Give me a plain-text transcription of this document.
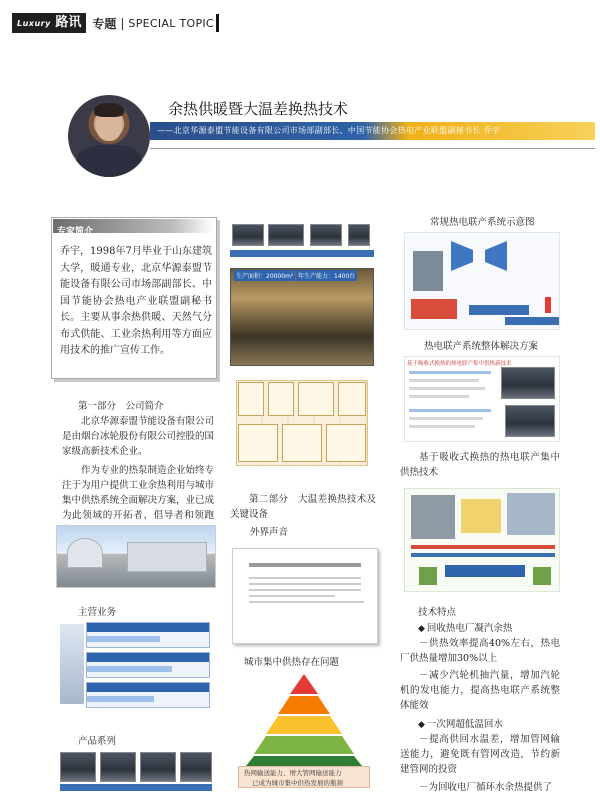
Luxury 路讯 专题 | SPECIAL TOPIC
余热供暖暨大温差换热技术
——北京华源泰盟节能设备有限公司市场部副部长、中国节能协会热电产业联盟副秘书长 乔宇
专家简介
乔宇，1998年7月毕业于山东建筑大学，暖通专业，北京华源泰盟节能设备有限公司市场部副部长、中国节能协会热电产业联盟副秘书长。主要从事余热供暖、天然气分布式供能、工业余热利用等方面应用技术的推广宣传工作。
第一部分　公司简介
北京华源泰盟节能设备有限公司是由烟台冰轮股份有限公司控股的国家级高新技术企业。
作为专业的热泵制造企业始终专注于为用户提供工业余热利用与城市集中供热系统全面解决方案，业已成为此领域的开拓者、倡导者和领跑
主营业务
产品系列
生产面积：20000m² 年生产能力：1400台
第二部分　大温差换热技术及关键设备
外界声音
城市集中供热存在问题
热网输送能力、增大管网输送能力
已成为城市集中供热发展的瓶颈
常规热电联产系统示意图
热电联产系统整体解决方案
基于吸收式换热的热电联产集中供热新技术
基于吸收式换热的热电联产集中供热技术
技术特点
◆ 回收热电厂凝汽余热
－供热效率提高40%左右，热电厂供热量增加30%以上
－减少汽轮机抽汽量，增加汽轮机的发电能力，提高热电联产系统整体能效
◆ 一次网超低温回水
－提高供回水温差，增加管网输送能力，避免既有管网改造，节约新建管网的投资
－为回收电厂循环水余热提供了
